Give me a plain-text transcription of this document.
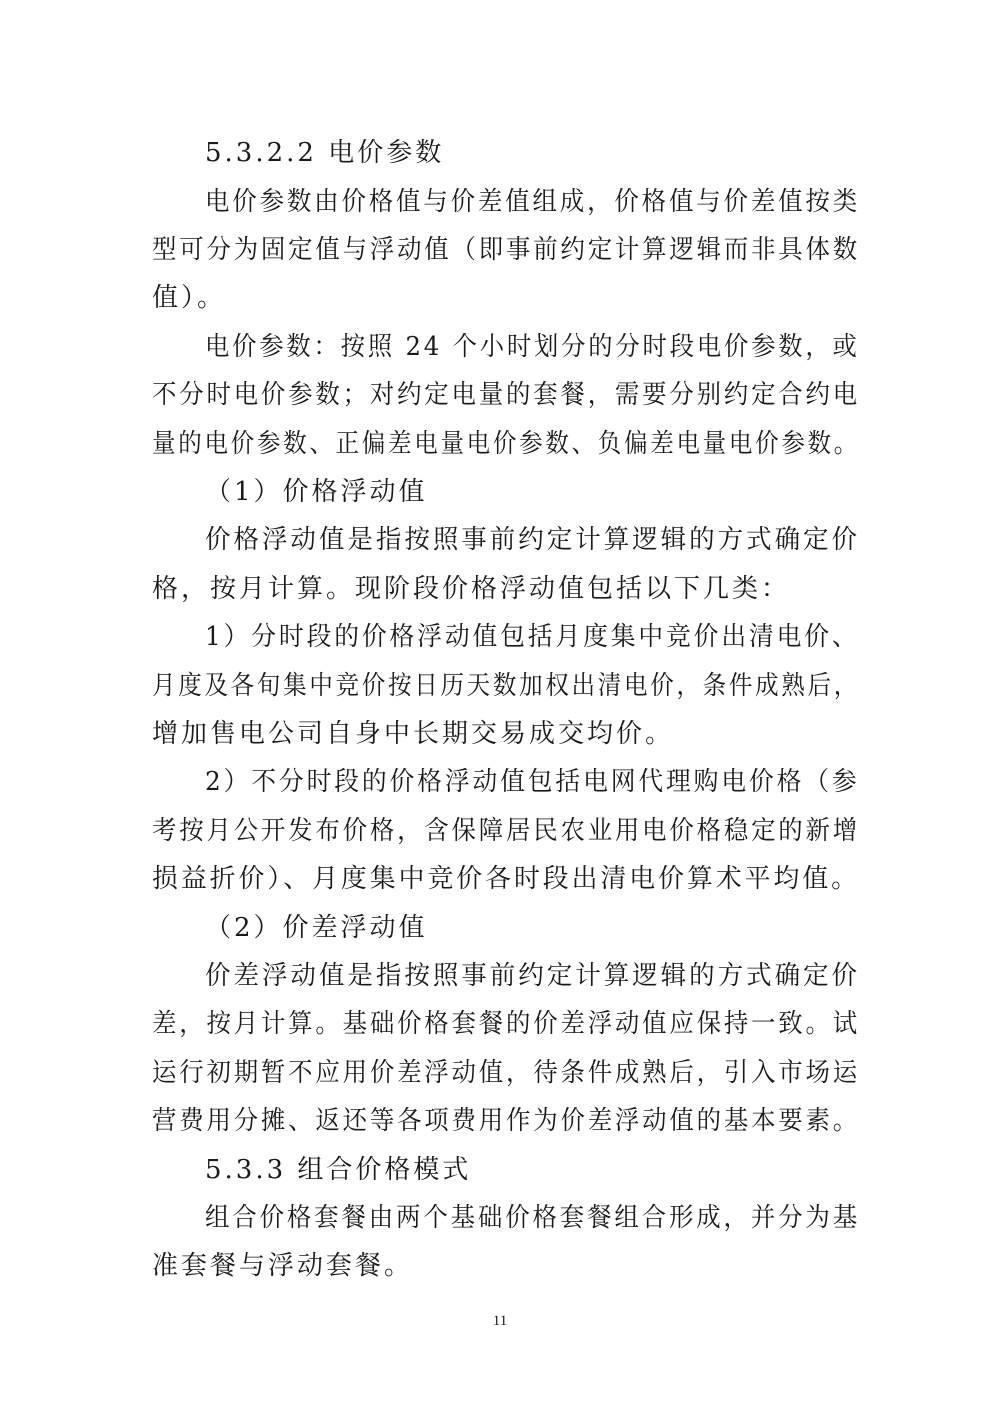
5.3.2.2 电价参数
电价参数由价格值与价差值组成，价格值与价差值按类
型可分为固定值与浮动值（即事前约定计算逻辑而非具体数
值）。
电价参数：按照 24 个小时划分的分时段电价参数，或
不分时电价参数；对约定电量的套餐，需要分别约定合约电
量的电价参数、正偏差电量电价参数、负偏差电量电价参数。
（1）价格浮动值
价格浮动值是指按照事前约定计算逻辑的方式确定价
格，按月计算。现阶段价格浮动值包括以下几类：
1）分时段的价格浮动值包括月度集中竞价出清电价、
月度及各旬集中竞价按日历天数加权出清电价，条件成熟后，
增加售电公司自身中长期交易成交均价。
2）不分时段的价格浮动值包括电网代理购电价格（参
考按月公开发布价格，含保障居民农业用电价格稳定的新增
损益折价）、月度集中竞价各时段出清电价算术平均值。
（2）价差浮动值
价差浮动值是指按照事前约定计算逻辑的方式确定价
差，按月计算。基础价格套餐的价差浮动值应保持一致。试
运行初期暂不应用价差浮动值，待条件成熟后，引入市场运
营费用分摊、返还等各项费用作为价差浮动值的基本要素。
5.3.3 组合价格模式
组合价格套餐由两个基础价格套餐组合形成，并分为基
准套餐与浮动套餐。
11
